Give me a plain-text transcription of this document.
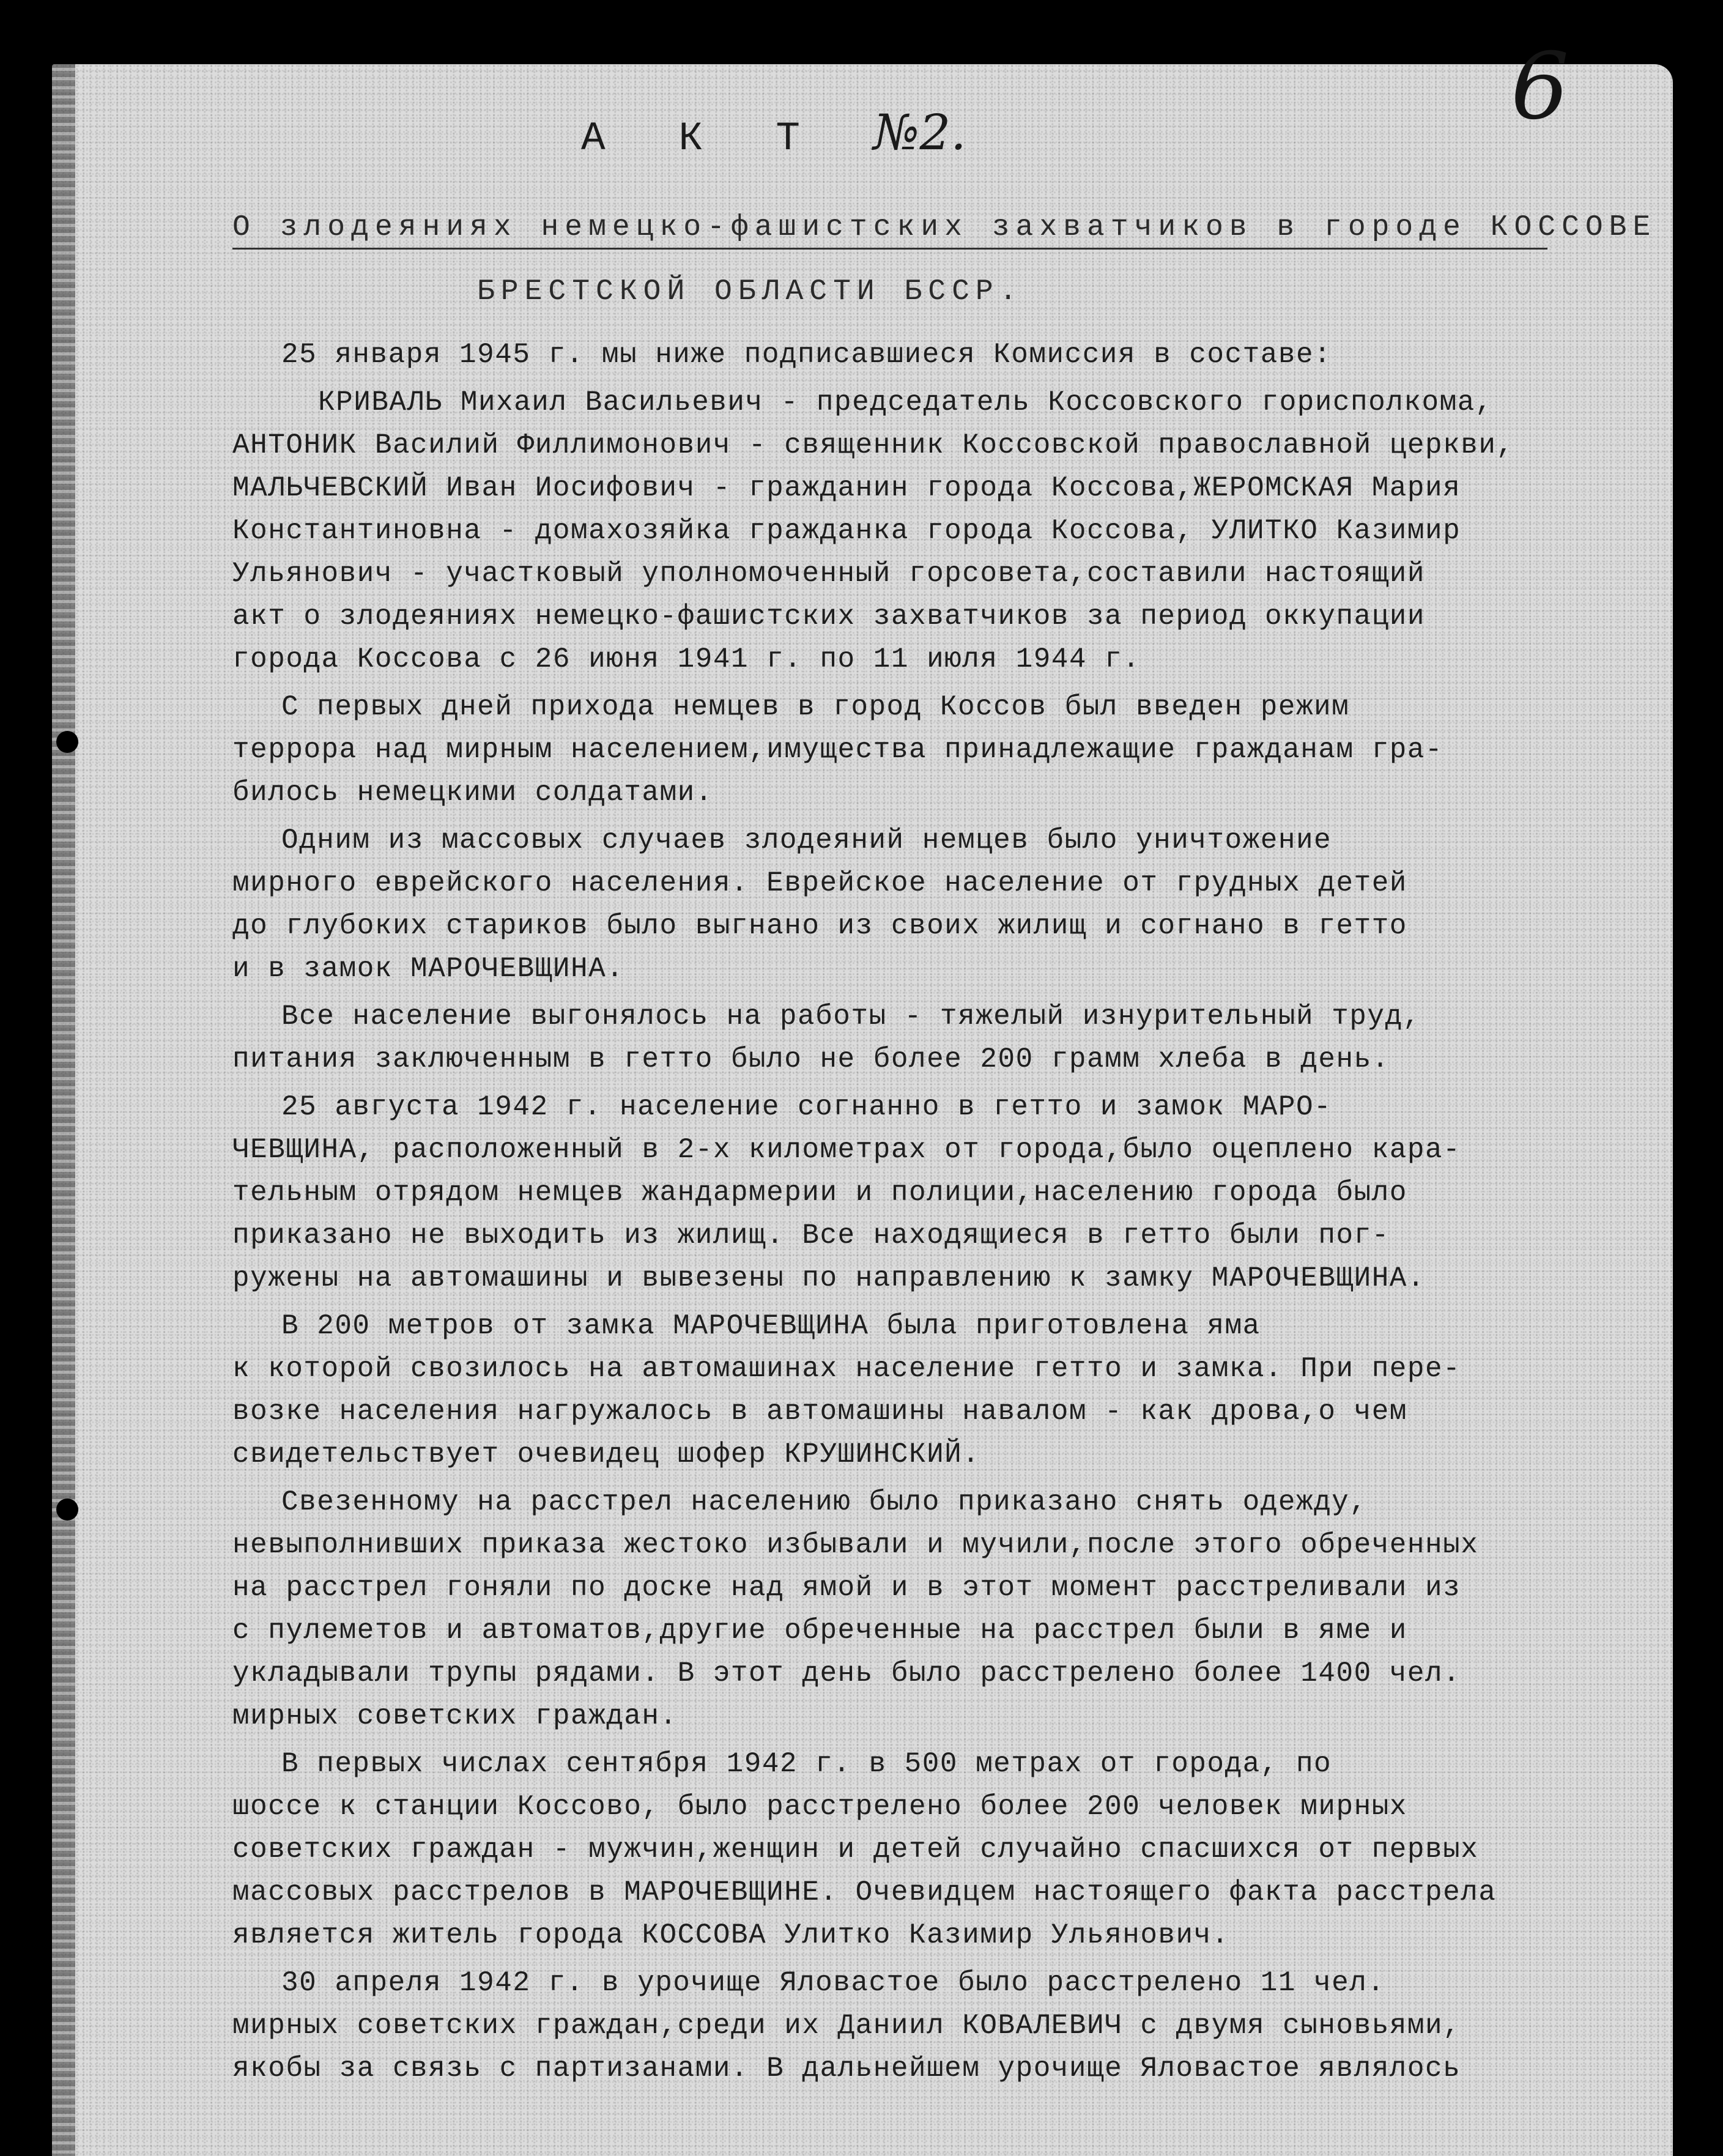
6

А К Т №2.

О злодеяниях немецко-фашистских захватчиков в городе КОССОВЕ

БРЕСТСКОЙ ОБЛАСТИ БССР.

25 января 1945 г. мы ниже подписавшиеся Комиссия в составе:
КРИВАЛЬ Михаил Васильевич - председатель Коссовского горисполкома,
АНТОНИК Василий Филлимонович - священник Коссовской православной церкви,
МАЛЬЧЕВСКИЙ Иван Иосифович - гражданин города Коссова,ЖЕРОМСКАЯ Мария
Константиновна - домахозяйка гражданка города Коссова, УЛИТКО Казимир
Ульянович - участковый уполномоченный горсовета,составили настоящий
акт о злодеяниях немецко-фашистских захватчиков за период оккупации
города Коссова с 26 июня 1941 г. по 11 июля 1944 г.
С первых дней прихода немцев в город Коссов был введен режим
террора над мирным населением,имущества принадлежащие гражданам гра-
билось немецкими солдатами.
Одним из массовых случаев злодеяний немцев было уничтожение
мирного еврейского населения. Еврейское население от грудных детей
до глубоких стариков было выгнано из своих жилищ и согнано в гетто
и в замок МАРОЧЕВЩИНА.
Все население выгонялось на работы - тяжелый изнурительный труд,
питания заключенным в гетто было не более 200 грамм хлеба в день.
25 августа 1942 г. население согнанно в гетто и замок МАРО-
ЧЕВЩИНА, расположенный в 2-х километрах от города,было оцеплено кара-
тельным отрядом немцев жандармерии и полиции,населению города было
приказано не выходить из жилищ. Все находящиеся в гетто были пог-
ружены на автомашины и вывезены по направлению к замку МАРОЧЕВЩИНА.
В 200 метров от замка МАРОЧЕВЩИНА была приготовлена яма
к которой свозилось на автомашинах население гетто и замка. При пере-
возке населения нагружалось в автомашины навалом - как дрова,о чем
свидетельствует очевидец шофер КРУШИНСКИЙ.
Свезенному на расстрел населению было приказано снять одежду,
невыполнивших приказа жестоко избывали и мучили,после этого обреченных
на расстрел гоняли по доске над ямой и в этот момент расстреливали из
с пулеметов и автоматов,другие обреченные на расстрел были в яме и
укладывали трупы рядами. В этот день было расстрелено более 1400 чел.
мирных советских граждан.
В первых числах сентября 1942 г. в 500 метрах от города, по
шоссе к станции Коссово, было расстрелено более 200 человек мирных
советских граждан - мужчин,женщин и детей случайно спасшихся от первых
массовых расстрелов в МАРОЧЕВЩИНЕ. Очевидцем настоящего факта расстрела
является житель города КОССОВА Улитко Казимир Ульянович.
30 апреля 1942 г. в урочище Яловастое было расстрелено 11 чел.
мирных советских граждан,среди их Даниил КОВАЛЕВИЧ с двумя сыновьями,
якобы за связь с партизанами. В дальнейшем урочище Яловастое являлось
